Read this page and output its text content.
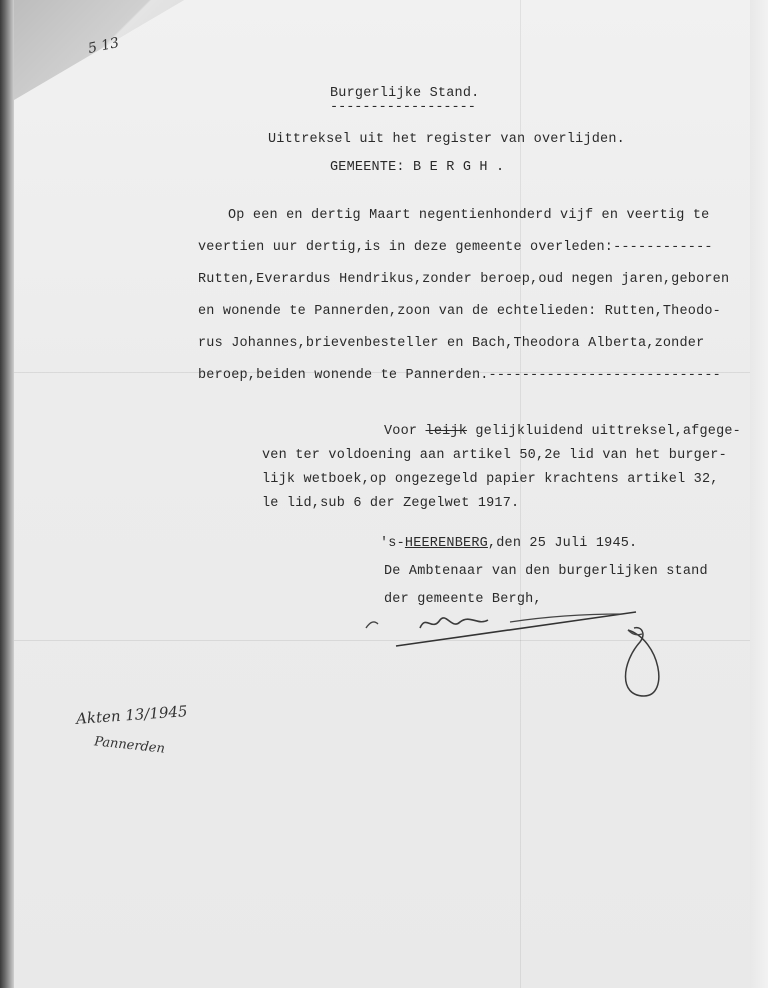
5 13
Burgerlijke Stand.
------------------
Uittreksel uit het register van overlijden.
GEMEENTE: B E R G H .
Op een en dertig Maart negentienhonderd vijf en veertig te
veertien uur dertig,is in deze gemeente overleden:------------
Rutten,Everardus Hendrikus,zonder beroep,oud negen jaren,geboren
en wonende te Pannerden,zoon van de echtelieden: Rutten,Theodo-
rus Johannes,brievenbesteller en Bach,Theodora Alberta,zonder
beroep,beiden wonende te Pannerden.----------------------------
Voor leijk gelijkluidend uittreksel,afgege-
ven ter voldoening aan artikel 50,2e lid van het burger-
lijk wetboek,op ongezegeld papier krachtens artikel 32,
le lid,sub 6 der Zegelwet 1917.
's-HEERENBERG,den 25 Juli 1945.
De Ambtenaar van den burgerlijken stand
der gemeente Bergh,
Akten 13/1945
Pannerden
